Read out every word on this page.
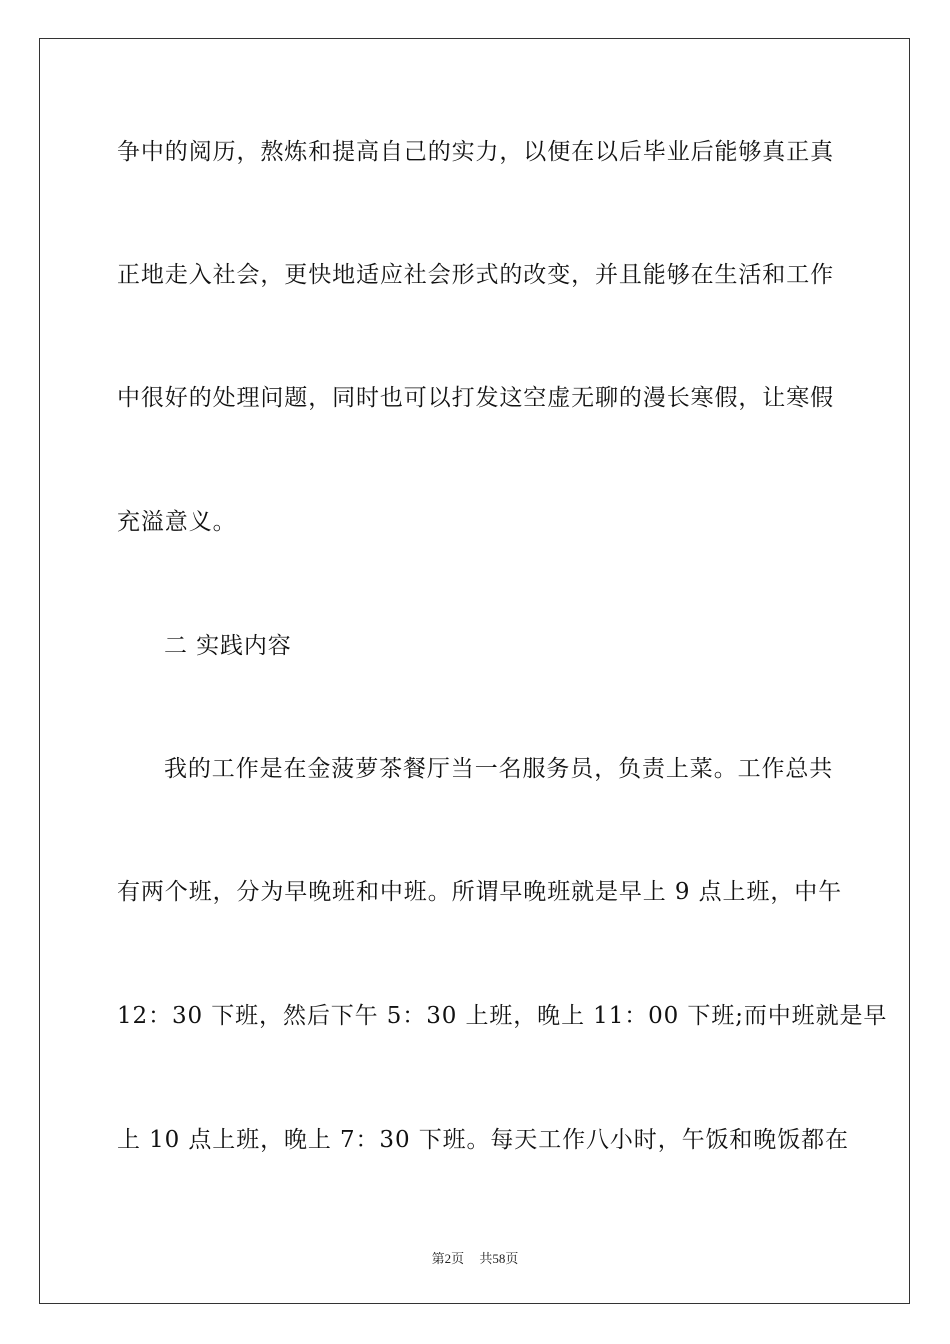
争中的阅历，熬炼和提高自己的实力，以便在以后毕业后能够真正真
正地走入社会，更快地适应社会形式的改变，并且能够在生活和工作
中很好的处理问题，同时也可以打发这空虚无聊的漫长寒假，让寒假
充溢意义。
二 实践内容
我的工作是在金菠萝茶餐厅当一名服务员，负责上菜。工作总共
有两个班，分为早晚班和中班。所谓早晚班就是早上 9 点上班，中午
12：30 下班，然后下午 5：30 上班，晚上 11：00 下班;而中班就是早
上 10 点上班，晚上 7：30 下班。每天工作八小时，午饭和晚饭都在
第2页 共58页
